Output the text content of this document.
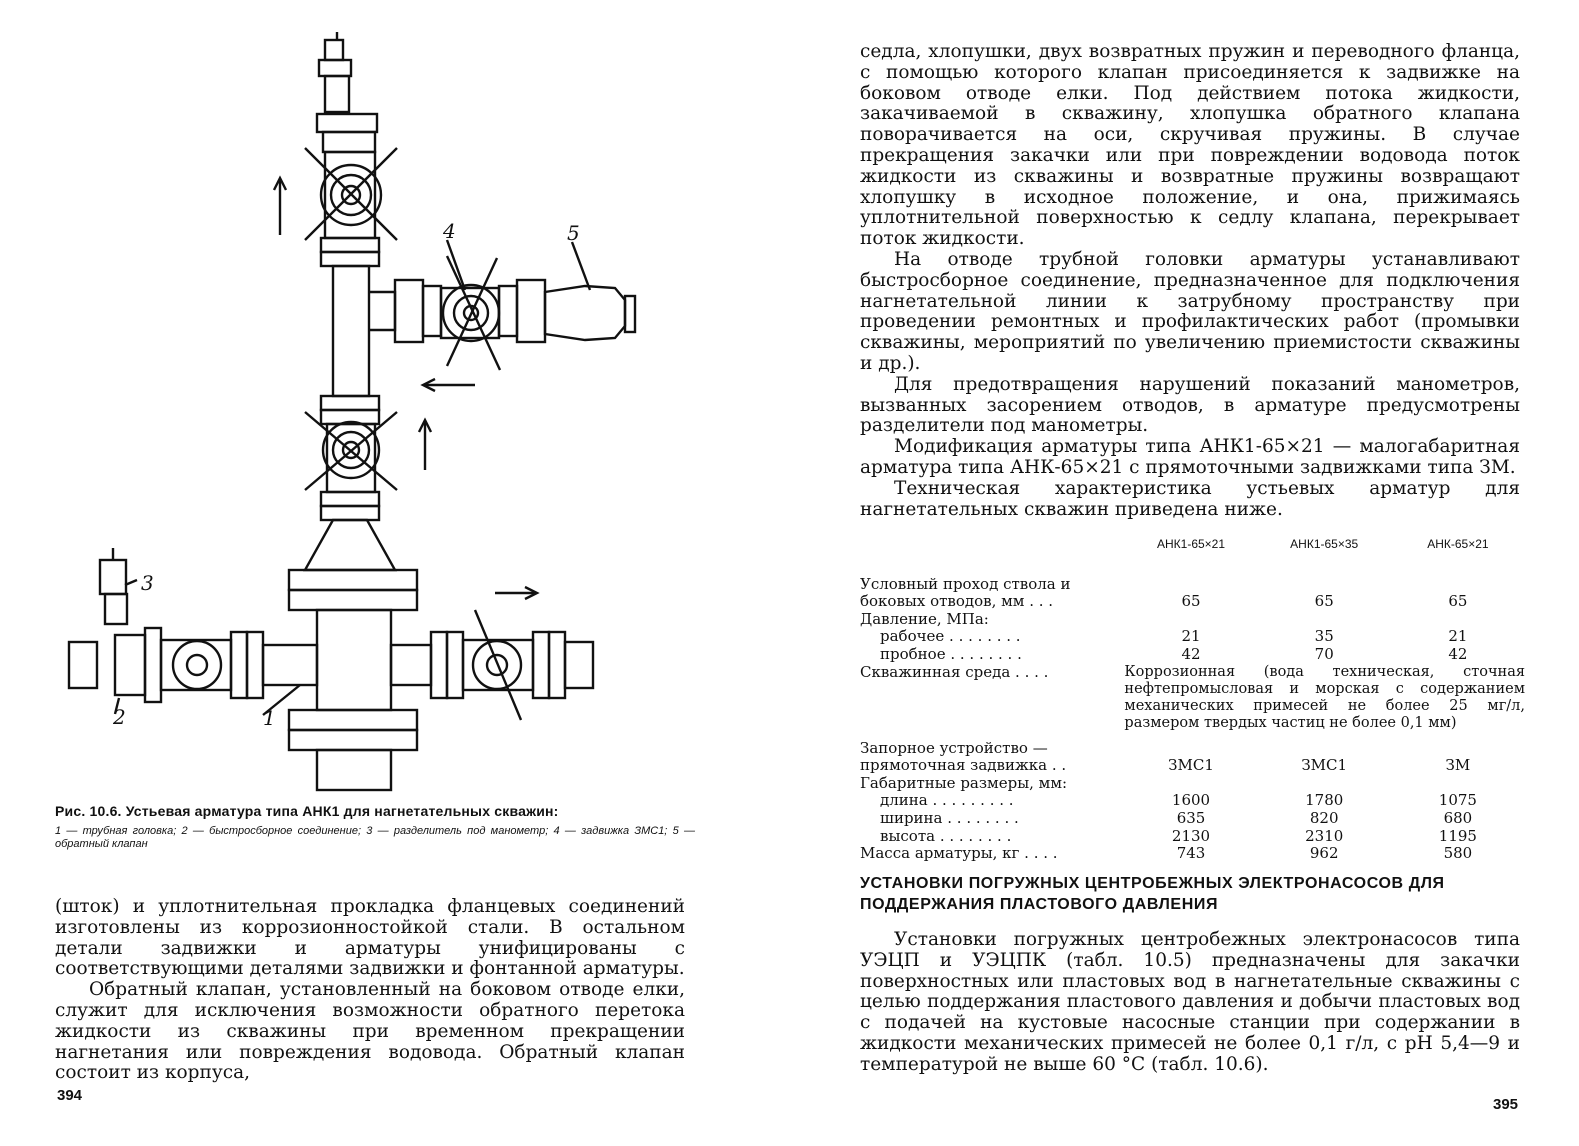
1
2
3
4	5
Рис. 10.6. Устьевая арматура типа АНК1 для нагнетательных скважин:
1 — трубная головка; 2 — быстросборное соединение; 3 — разделитель под манометр; 4 — задвижка ЗМС1; 5 — обратный клапан

(шток) и уплотнительная прокладка фланцевых соединений изготовлены из коррозионностойкой стали. В остальном детали задвижки и арматуры унифицированы с соответствующими деталями задвижки и фонтанной арматуры.

Обратный клапан, установленный на боковом отводе елки, служит для исключения возможности обратного перетока жидкости из скважины при временном прекращении нагнетания или повреждения водовода. Обратный клапан состоит из корпуса,

394

седла, хлопушки, двух возвратных пружин и переводного фланца, с помощью которого клапан присоединяется к задвижке на боковом отводе елки. Под действием потока жидкости, закачиваемой в скважину, хлопушка обратного клапана поворачивается на оси, скручивая пружины. В случае прекращения закачки или при повреждении водовода поток жидкости из скважины и возвратные пружины возвращают хлопушку в исходное положение, и она, прижимаясь уплотнительной поверхностью к седлу клапана, перекрывает поток жидкости.

На отводе трубной головки арматуры устанавливают быстросборное соединение, предназначенное для подключения нагнетательной линии к затрубному пространству при проведении ремонтных и профилактических работ (промывки скважины, мероприятий по увеличению приемистости скважины и др.).

Для предотвращения нарушений показаний манометров, вызванных засорением отводов, в арматуре предусмотрены разделители под манометры.

Модификация арматуры типа АНК1-65×21 — малогабаритная арматура типа АНК-65×21 с прямоточными задвижками типа ЗМ.

Техническая характеристика устьевых арматур для нагнетательных скважин приведена ниже.

	АНК1-65×21	АНК1-65×35	АНК-65×21
Условный проход ствола и			
боковых отводов, мм . . .	65	65	65
Давление, МПа:			
рабочее . . . . . . . .	21	35	21
пробное . . . . . . . .	42	70	42
Скважинная среда . . . .	Коррозионная (вода техническая, сточная нефтепромысловая и морская с содержанием механических примесей не более 25 мг/л, размером твердых частиц не более 0,1 мм)		
Запорное устройство —			
прямоточная задвижка . .	ЗМС1	ЗМС1	ЗМ
Габаритные размеры, мм:			
длина . . . . . . . . .	1600	1780	1075
ширина . . . . . . . .	635	820	680
высота . . . . . . . .	2130	2310	1195
Масса арматуры, кг . . . .	743	962	580
УСТАНОВКИ ПОГРУЖНЫХ ЦЕНТРОБЕЖНЫХ ЭЛЕКТРОНАСОСОВ ДЛЯ ПОДДЕРЖАНИЯ ПЛАСТОВОГО ДАВЛЕНИЯ

Установки погружных центробежных электронасосов типа УЭЦП и УЭЦПК (табл. 10.5) предназначены для закачки поверхностных или пластовых вод в нагнетательные скважины с целью поддержания пластового давления и добычи пластовых вод с подачей на кустовые насосные станции при содержании в жидкости механических примесей не более 0,1 г/л, с рН 5,4—9 и температурой не выше 60 °С (табл. 10.6).

395
